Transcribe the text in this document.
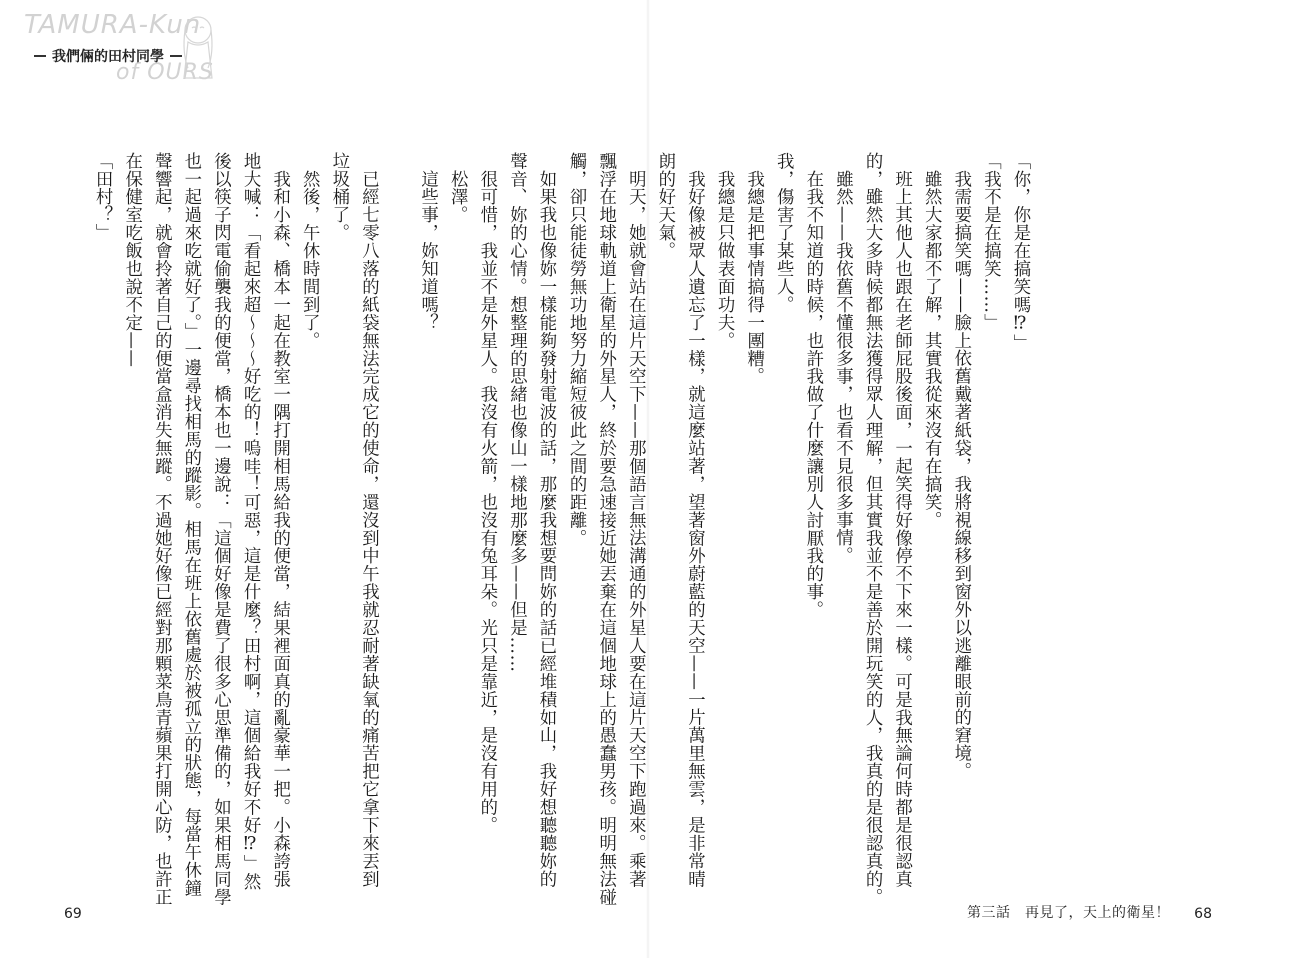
TAMURA-Kun
of OURS
我們倆的田村同學

　如果我也像妳一樣能夠發射電波的話，那麼我想要問妳的話已經堆積如山，我好想聽聽妳的

聲音、妳的心情。想整理的思緒也像山一樣地那麼多——但是……

　很可惜，我並不是外星人。我沒有火箭，也沒有兔耳朵。光只是靠近，是沒有用的。

　松澤。

　這些事，妳知道嗎？

　已經七零八落的紙袋無法完成它的使命，還沒到中午我就忍耐著缺氧的痛苦把它拿下來丟到

垃圾桶了。

　然後，午休時間到了。

　我和小森、橋本一起在教室一隅打開相馬給我的便當，結果裡面真的亂豪華一把。小森誇張

地大喊：「看起來超～～～好吃的！嗚哇！可惡，這是什麼？田村啊，這個給我好不好⁉」然

後以筷子閃電偷襲我的便當，橋本也一邊說：「這個好像是費了很多心思準備的，如果相馬同學

也一起過來吃就好了。」一邊尋找相馬的蹤影。相馬在班上依舊處於被孤立的狀態，每當午休鐘

聲響起，就會拎著自己的便當盒消失無蹤。不過她好像已經對那顆菜鳥青蘋果打開心防，也許正

在保健室吃飯也說不定——

「田村？」

69

「你，你是在搞笑嗎⁉」

「我不是在搞笑……」

　我需要搞笑嗎——臉上依舊戴著紙袋，我將視線移到窗外以逃離眼前的窘境。

　雖然大家都不了解，其實我從來沒有在搞笑。

　班上其他人也跟在老師屁股後面，一起笑得好像停不下來一樣。可是我無論何時都是很認真

的，雖然大多時候都無法獲得眾人理解，但其實我並不是善於開玩笑的人，我真的是很認真的。

　雖然——我依舊不懂很多事，也看不見很多事情。

　在我不知道的時候，也許我做了什麼讓別人討厭我的事。

我，傷害了某些人。

　我總是把事情搞得一團糟。

　我總是只做表面功夫。

　我好像被眾人遺忘了一樣，就這麼站著，望著窗外蔚藍的天空——一片萬里無雲，是非常晴

朗的好天氣。

　明天，她就會站在這片天空下——那個語言無法溝通的外星人要在這片天空下跑過來。乘著

飄浮在地球軌道上衛星的外星人，終於要急速接近她丟棄在這個地球上的愚蠢男孩。明明無法碰

觸，卻只能徒勞無功地努力縮短彼此之間的距離。

第三話　再見了，天上的衛星！ 68
